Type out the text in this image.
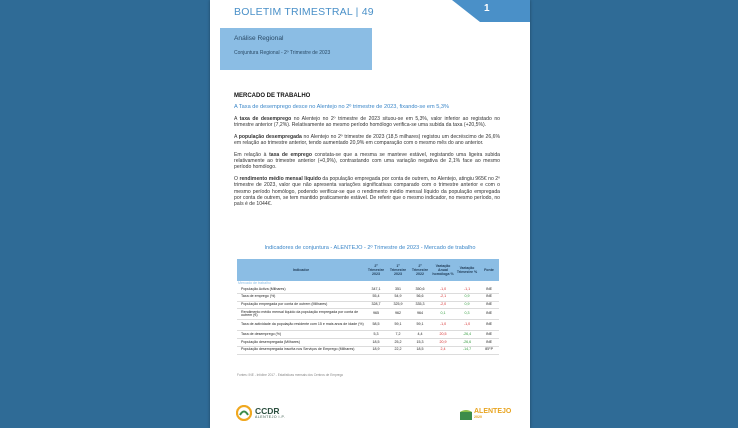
BOLETIM TRIMESTRAL | 49	1
Análise Regional
Conjuntura Regional - 2º Trimestre de 2023
MERCADO DE TRABALHO
A Taxa de desemprego desce no Alentejo no 2º trimestre de 2023, fixando-se em 5,3%

A taxa de desemprego no Alentejo no 2º trimestre de 2023 situou-se em 5,3%, valor inferior ao registado no trimestre anterior (7,2%). Relativamente ao mesmo período homólogo verifica-se uma subida da taxa (+20,5%).

A população desempregada no Alentejo no 2º trimestre de 2023 (18,5 milhares) registou um decréscimo de 26,6% em relação ao trimestre anterior, tendo aumentado 20,9% em comparação com o mesmo mês do ano anterior.

Em relação à taxa de emprego constata-se que a mesma se manteve estável, registando uma ligeira subida relativamente ao trimestre anterior (+0,9%), contrastando com uma variação negativa de 2,1% face ao mesmo período homólogo.

O rendimento médio mensal líquido da população empregada por conta de outrem, no Alentejo, atingiu 965€ no 2º trimestre de 2023, valor que não apresenta variações significativas comparado com o trimestre anterior e com o mesmo período homólogo, podendo verificar-se que o rendimento médio mensal líquido da população empregada por conta de outrem, se tem mantido praticamente estável. De referir que o mesmo indicador, no mesmo período, no país é de 1044€.

Indicadores de conjuntura - ALENTEJO - 2º Trimestre de 2023 - Mercado de trabalho
Indicador	2º Trimestre 2023	1º Trimestre 2023	2º Trimestre 2022	Variação Anual homóloga %	Variação Trimestre %	Fonte
Mercado de trabalho						
População Activa (Milhares)	347,1	351	350,6	-1,0	-1,1	INE
Taxa de emprego (%)	55,4	54,9	56,6	-2,1	0,9	INE
População empregada por conta de outrem (Milhares)	328,7	325,9	335,3	-2,0	0,9	INE
Rendimento médio mensal líquido da população empregada por conta de outrem (€)	965	962	964	0,1	0,3	INE
Taxa de actividade da população residente com 15 e mais anos de idade (%)	58,5	59,1	59,1	-1,0	-1,0	INE
Taxa de desemprego (%)	5,3	7,2	4,4	20,5	-26,4	INE
População desempregada (Milhares)	18,5	25,2	15,3	20,9	-26,6	INE
População desempregada inscrita nos Serviços de Emprego (Milhares)	18,9	22,2	18,5	2,4	-14,7	IEFP
Fontes: INE - Infoline 2017 - Estatísticas mensais dos Centros de Emprego
CCDR
ALENTEJO I.P.
ALENTEJO
2020
